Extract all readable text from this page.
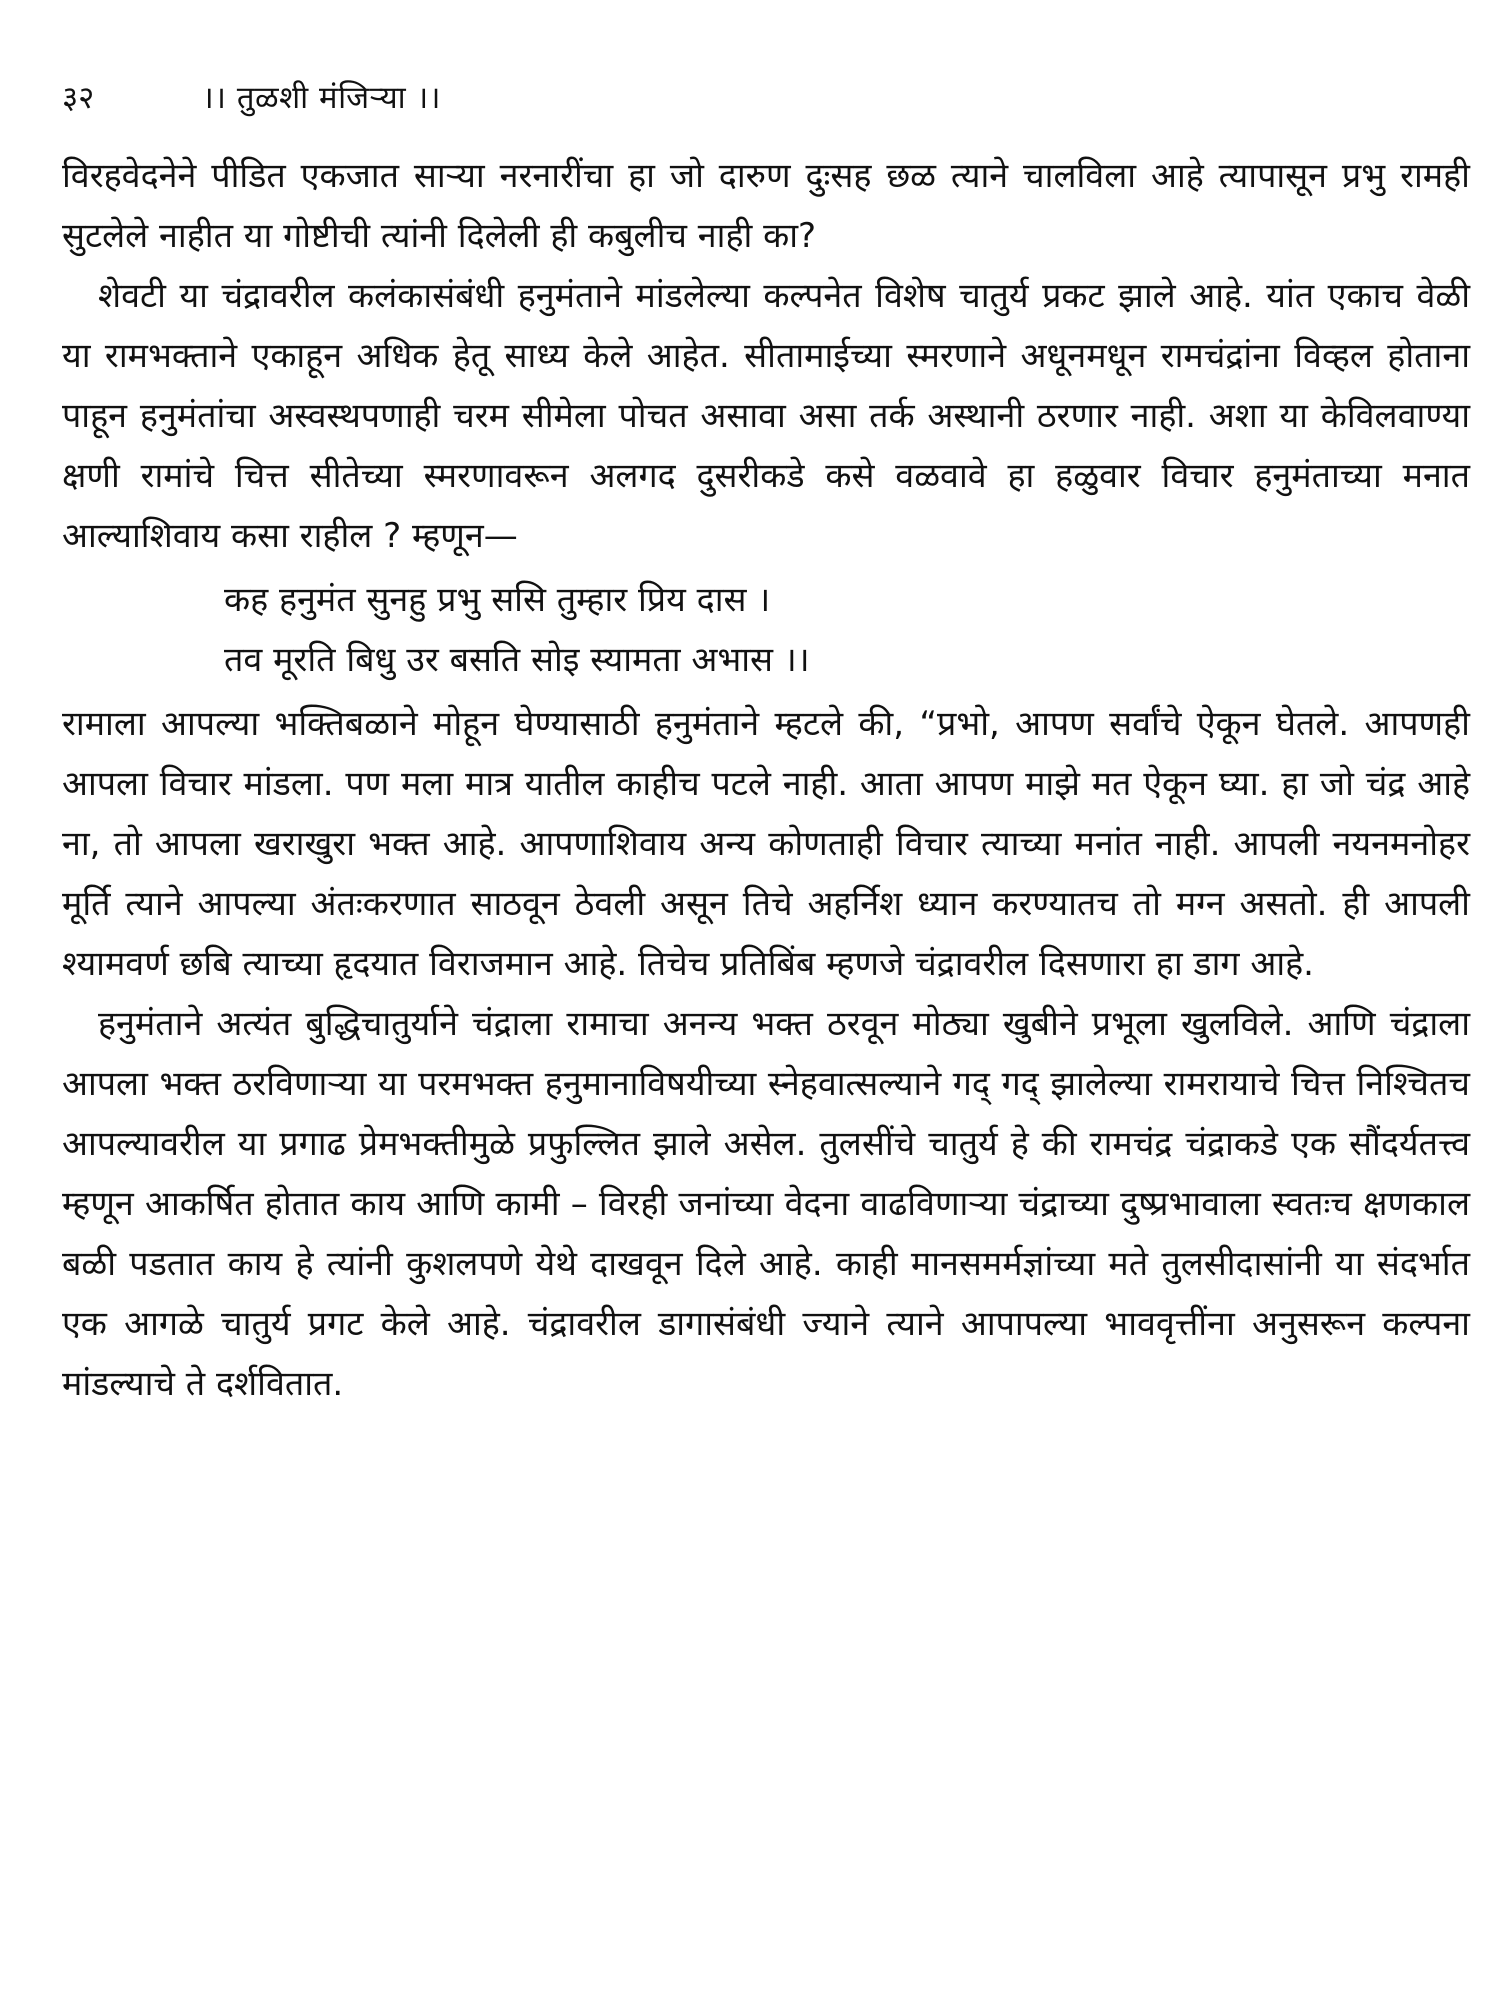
३२	।। तुळशी मंजिऱ्या ।।

विरहवेदनेने पीडित एकजात साऱ्या नरनारींचा हा जो दारुण दुःसह छळ त्याने चालविला आहे त्यापासून प्रभु रामही सुटलेले नाहीत या गोष्टीची त्यांनी दिलेली ही कबुलीच नाही का?

शेवटी या चंद्रावरील कलंकासंबंधी हनुमंताने मांडलेल्या कल्पनेत विशेष चातुर्य प्रकट झाले आहे. यांत एकाच वेळी या रामभक्ताने एकाहून अधिक हेतू साध्य केले आहेत. सीतामाईच्या स्मरणाने अधूनमधून रामचंद्रांना विव्हल होताना पाहून हनुमंतांचा अस्वस्थपणाही चरम सीमेला पोचत असावा असा तर्क अस्थानी ठरणार नाही. अशा या केविलवाण्या क्षणी रामांचे चित्त सीतेच्या स्मरणावरून अलगद दुसरीकडे कसे वळवावे हा हळुवार विचार हनुमंताच्या मनात आल्याशिवाय कसा राहील ? म्हणून—

कह हनुमंत सुनहु प्रभु ससि तुम्हार प्रिय दास ।
तव मूरति बिधु उर बसति सोइ स्यामता अभास ।।

रामाला आपल्या भक्तिबळाने मोहून घेण्यासाठी हनुमंताने म्हटले की, “प्रभो, आपण सर्वांचे ऐकून घेतले. आपणही आपला विचार मांडला. पण मला मात्र यातील काहीच पटले नाही. आता आपण माझे मत ऐकून घ्या. हा जो चंद्र आहे ना, तो आपला खराखुरा भक्त आहे. आपणाशिवाय अन्य कोणताही विचार त्याच्या मनांत नाही. आपली नयनमनोहर मूर्ति त्याने आपल्या अंतःकरणात साठवून ठेवली असून तिचे अहर्निश ध्यान करण्यातच तो मग्न असतो. ही आपली श्यामवर्ण छबि त्याच्या हृदयात विराजमान आहे. तिचेच प्रतिबिंब म्हणजे चंद्रावरील दिसणारा हा डाग आहे.

हनुमंताने अत्यंत बुद्धिचातुर्याने चंद्राला रामाचा अनन्य भक्त ठरवून मोठ्या खुबीने प्रभूला खुलविले. आणि चंद्राला आपला भक्त ठरविणाऱ्या या परमभक्त हनुमानाविषयीच्या स्नेहवात्सल्याने गद् गद् झालेल्या रामरायाचे चित्त निश्चितच आपल्यावरील या प्रगाढ प्रेमभक्तीमुळे प्रफुल्लित झाले असेल. तुलसींचे चातुर्य हे की रामचंद्र चंद्राकडे एक सौंदर्यतत्त्व म्हणून आकर्षित होतात काय आणि कामी – विरही जनांच्या वेदना वाढविणाऱ्या चंद्राच्या दुष्प्रभावाला स्वतःच क्षणकाल बळी पडतात काय हे त्यांनी कुशलपणे येथे दाखवून दिले आहे. काही मानसमर्मज्ञांच्या मते तुलसीदासांनी या संदर्भात एक आगळे चातुर्य प्रगट केले आहे. चंद्रावरील डागासंबंधी ज्याने त्याने आपापल्या भाववृत्तींना अनुसरून कल्पना मांडल्याचे ते दर्शवितात.
